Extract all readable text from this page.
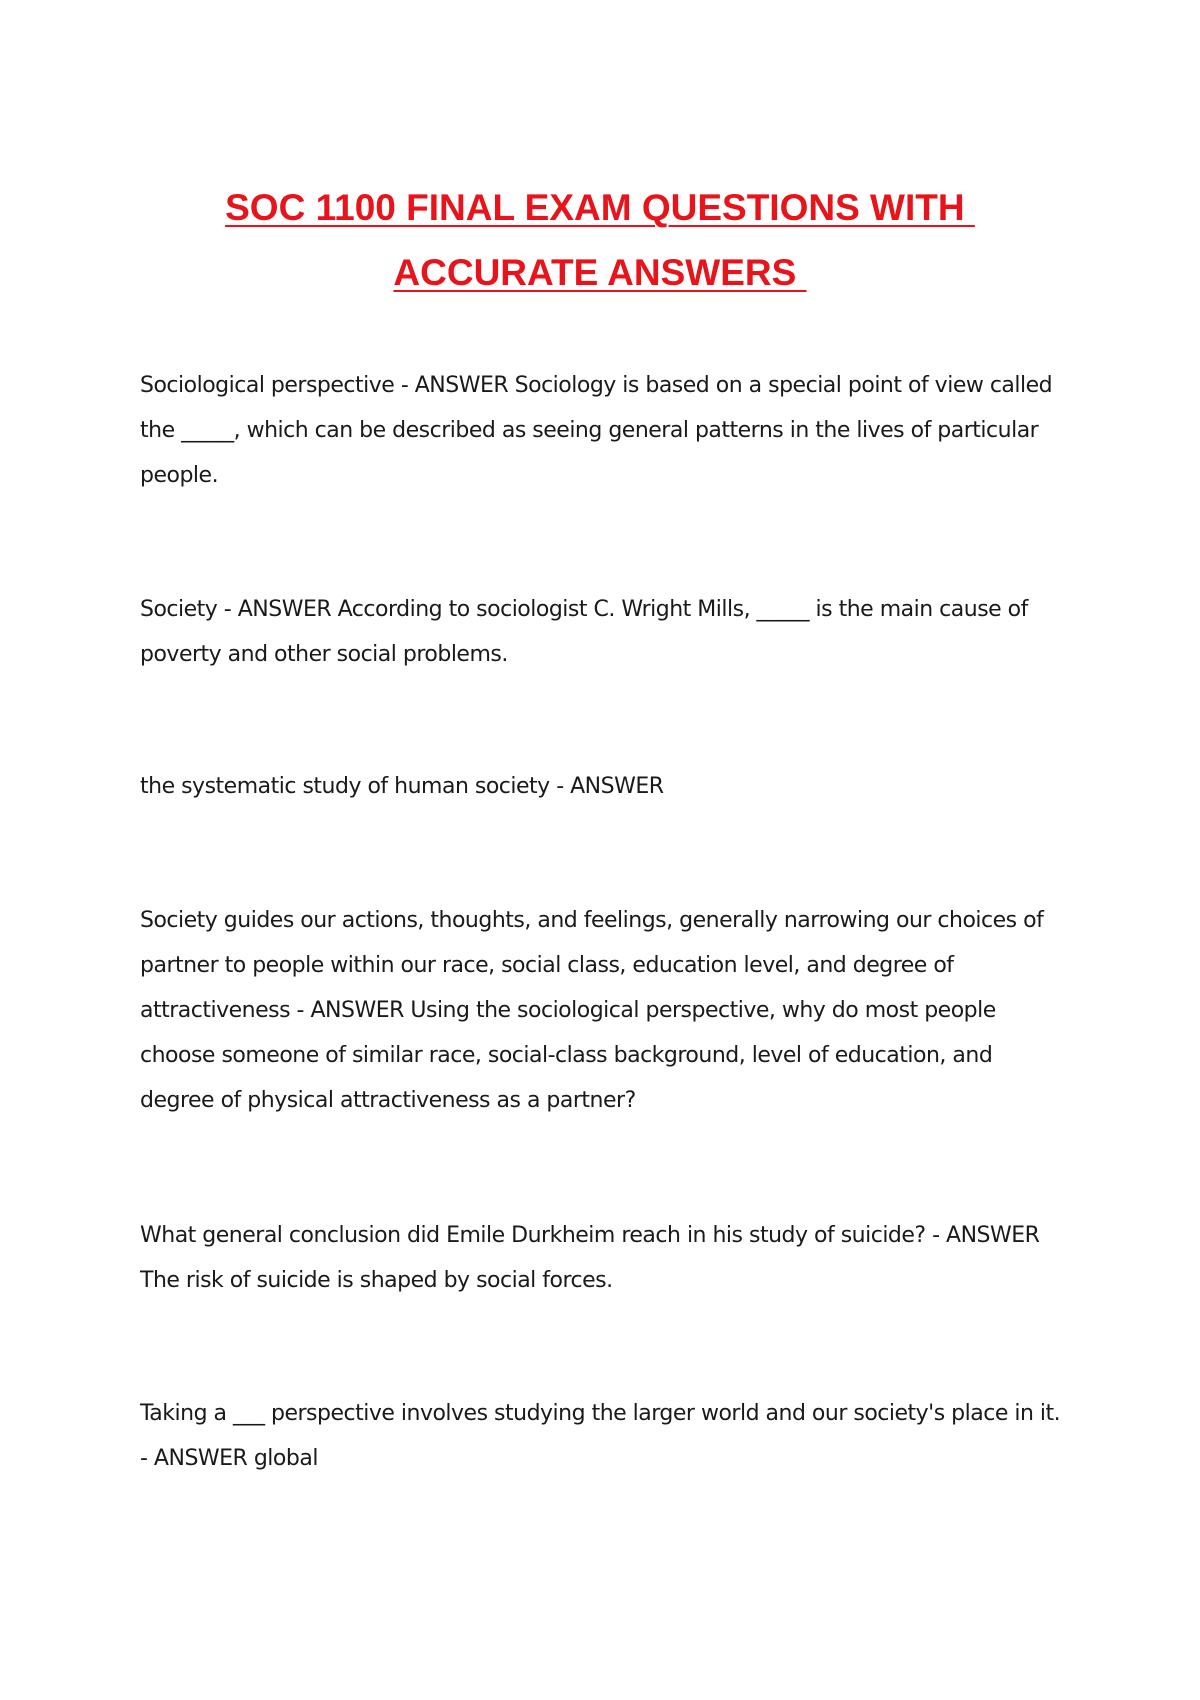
SOC 1100 FINAL EXAM QUESTIONS WITH
ACCURATE ANSWERS

Sociological perspective - ANSWER Sociology is based on a special point of view called the _____, which can be described as seeing general patterns in the lives of particular people.

Society - ANSWER According to sociologist C. Wright Mills, _____ is the main cause of poverty and other social problems.

the systematic study of human society - ANSWER

Society guides our actions, thoughts, and feelings, generally narrowing our choices of partner to people within our race, social class, education level, and degree of attractiveness - ANSWER Using the sociological perspective, why do most people choose someone of similar race, social-class background, level of education, and degree of physical attractiveness as a partner?

What general conclusion did Emile Durkheim reach in his study of suicide? - ANSWER The risk of suicide is shaped by social forces.

Taking a ___ perspective involves studying the larger world and our society's place in it. - ANSWER global
